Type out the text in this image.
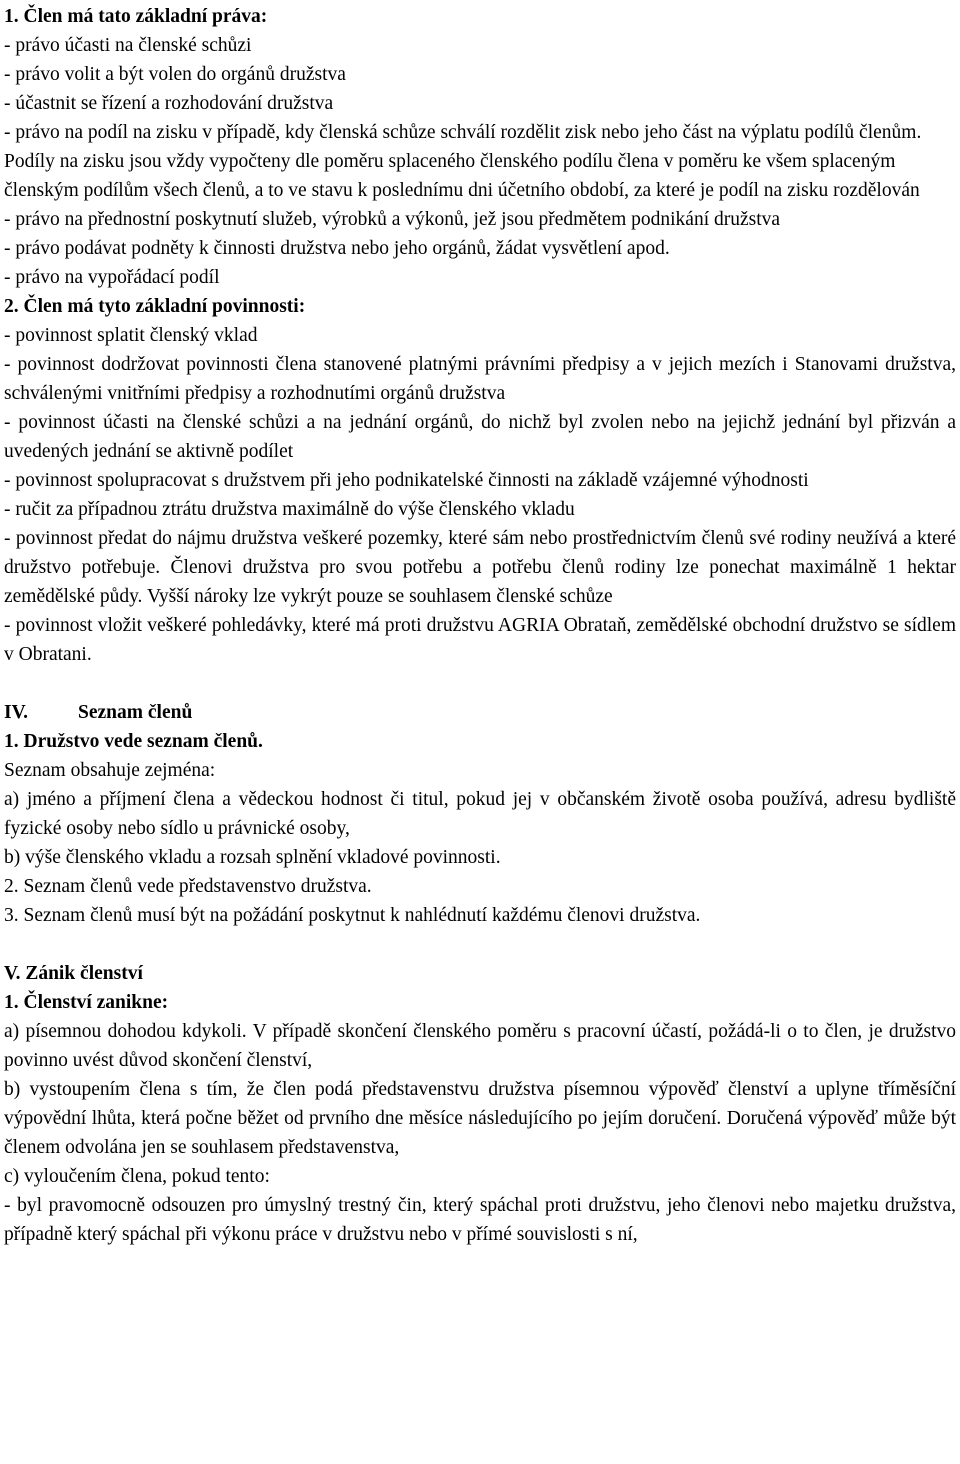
1. Člen má tato základní práva:

- právo účasti na členské schůzi

- právo volit a být volen do orgánů družstva

- účastnit se řízení a rozhodování družstva

- právo na podíl na zisku v případě, kdy členská schůze schválí rozdělit zisk nebo jeho část na výplatu podílů členům. Podíly na zisku jsou vždy vypočteny dle poměru splaceného členského podílu člena v poměru ke všem splaceným členským podílům všech členů, a to ve stavu k poslednímu dni účetního období, za které je podíl na zisku rozdělován

- právo na přednostní poskytnutí služeb, výrobků a výkonů, jež jsou předmětem podnikání družstva

- právo podávat podněty k činnosti družstva nebo jeho orgánů, žádat vysvětlení apod.

- právo na vypořádací podíl

2. Člen má tyto základní povinnosti:

- povinnost splatit členský vklad

- povinnost dodržovat povinnosti člena stanovené platnými právními předpisy a v jejich mezích i Stanovami družstva, schválenými vnitřními předpisy a rozhodnutími orgánů družstva

- povinnost účasti na členské schůzi a na jednání orgánů, do nichž byl zvolen nebo na jejichž jednání byl přizván a uvedených jednání se aktivně podílet

- povinnost spolupracovat s družstvem při jeho podnikatelské činnosti na základě vzájemné výhodnosti

- ručit za případnou ztrátu družstva maximálně do výše členského vkladu

- povinnost předat do nájmu družstva veškeré pozemky, které sám nebo prostřednictvím členů své rodiny neužívá a které družstvo potřebuje. Členovi družstva pro svou potřebu a potřebu členů rodiny lze ponechat maximálně 1 hektar zemědělské půdy. Vyšší nároky lze vykrýt pouze se souhlasem členské schůze

- povinnost vložit veškeré pohledávky, které má proti družstvu AGRIA Obrataň, zemědělské obchodní družstvo se sídlem v Obratani.

IV.	Seznam členů

1. Družstvo vede seznam členů.

Seznam obsahuje zejména:

a) jméno a příjmení člena a vědeckou hodnost či titul, pokud jej v občanském životě osoba používá, adresu bydliště fyzické osoby nebo sídlo u právnické osoby,

b) výše členského vkladu a rozsah splnění vkladové povinnosti.

2. Seznam členů vede představenstvo družstva.

3. Seznam členů musí být na požádání poskytnut k nahlédnutí každému členovi družstva.

V. Zánik členství

1. Členství zanikne:

a) písemnou dohodou kdykoli. V případě skončení členského poměru s pracovní účastí, požádá-li o to člen, je družstvo povinno uvést důvod skončení členství,

b) vystoupením člena s tím, že člen podá představenstvu družstva písemnou výpověď členství a uplyne tříměsíční výpovědní lhůta, která počne běžet od prvního dne měsíce následujícího po jejím doručení. Doručená výpověď může být členem odvolána jen se souhlasem představenstva,

c) vyloučením člena, pokud tento:

- byl pravomocně odsouzen pro úmyslný trestný čin, který spáchal proti družstvu, jeho členovi nebo majetku družstva, případně který spáchal při výkonu práce v družstvu nebo v přímé souvislosti s ní,
